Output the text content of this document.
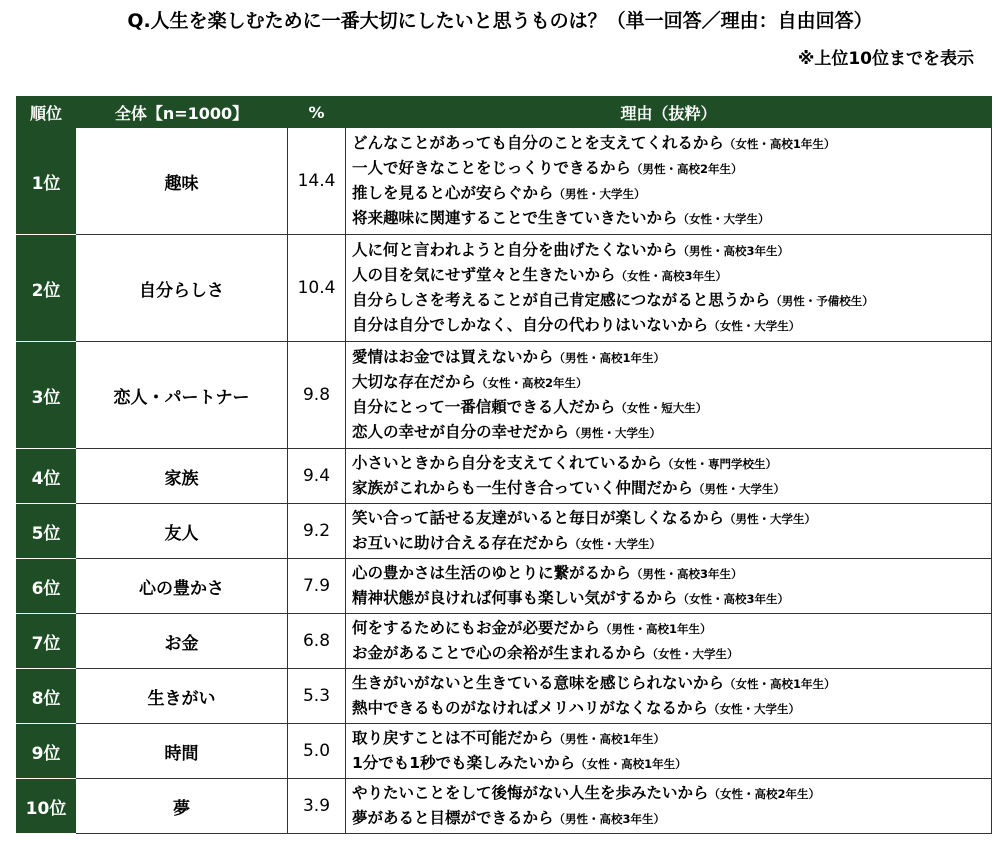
Q.人生を楽しむために一番大切にしたいと思うものは？（単一回答／理由：自由回答）
※上位10位までを表示
順位	全体【n=1000】	%	理由（抜粋）
1位	趣味	14.4	どんなことがあっても自分のことを支えてくれるから（女性・高校1年生）
一人で好きなことをじっくりできるから（男性・高校2年生）
推しを見ると心が安らぐから（男性・大学生）
将来趣味に関連することで生きていきたいから（女性・大学生）

2位	自分らしさ	10.4	人に何と言われようと自分を曲げたくないから（男性・高校3年生）
人の目を気にせず堂々と生きたいから（女性・高校3年生）
自分らしさを考えることが自己肯定感につながると思うから（男性・予備校生）
自分は自分でしかなく、自分の代わりはいないから（女性・大学生）

3位	恋人・パートナー	9.8	愛情はお金では買えないから（男性・高校1年生）
大切な存在だから（女性・高校2年生）
自分にとって一番信頼できる人だから（女性・短大生）
恋人の幸せが自分の幸せだから（男性・大学生）

4位	家族	9.4	小さいときから自分を支えてくれているから（女性・専門学校生）
家族がこれからも一生付き合っていく仲間だから（男性・大学生）

5位	友人	9.2	笑い合って話せる友達がいると毎日が楽しくなるから（男性・大学生）
お互いに助け合える存在だから（女性・大学生）

6位	心の豊かさ	7.9	心の豊かさは生活のゆとりに繋がるから（男性・高校3年生）
精神状態が良ければ何事も楽しい気がするから（女性・高校3年生）

7位	お金	6.8	何をするためにもお金が必要だから（男性・高校1年生）
お金があることで心の余裕が生まれるから（女性・大学生）

8位	生きがい	5.3	生きがいがないと生きている意味を感じられないから（女性・高校1年生）
熱中できるものがなければメリハリがなくなるから（女性・大学生）

9位	時間	5.0	取り戻すことは不可能だから（男性・高校1年生）
1分でも1秒でも楽しみたいから（女性・高校1年生）

10位	夢	3.9	やりたいことをして後悔がない人生を歩みたいから（女性・高校2年生）
夢があると目標ができるから（男性・高校3年生）
